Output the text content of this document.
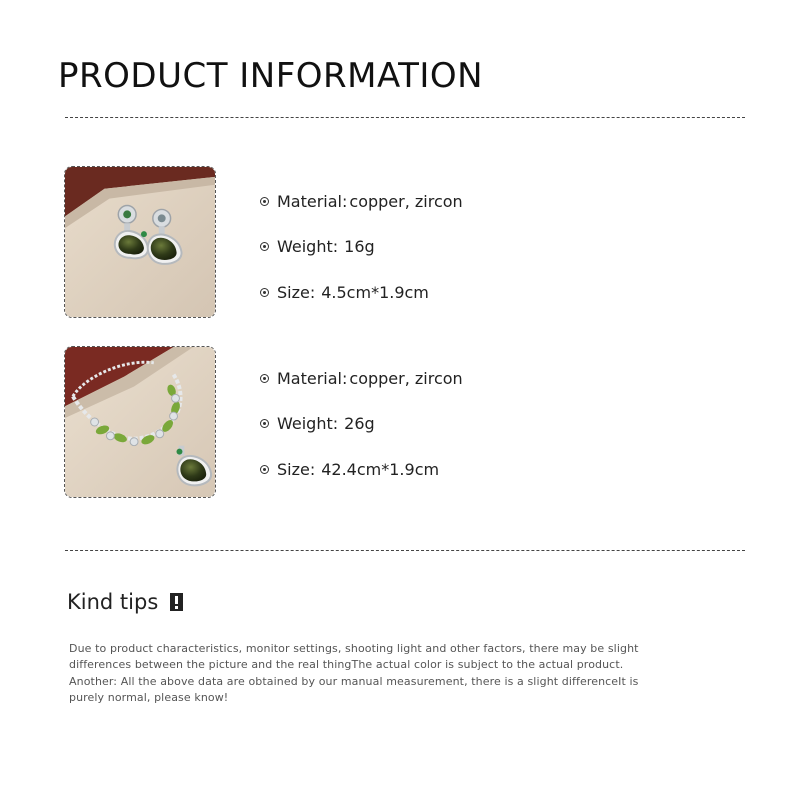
PRODUCT INFORMATION
Material: copper, zircon
Weight: 16g
Size: 4.5cm*1.9cm
Material: copper, zircon
Weight: 26g
Size: 42.4cm*1.9cm
Kind tips

Due to product characteristics, monitor settings, shooting light and other factors, there may be slight

differences between the picture and the real thingThe actual color is subject to the actual product.

Another: All the above data are obtained by our manual measurement, there is a slight differenceIt is

purely normal, please know!
